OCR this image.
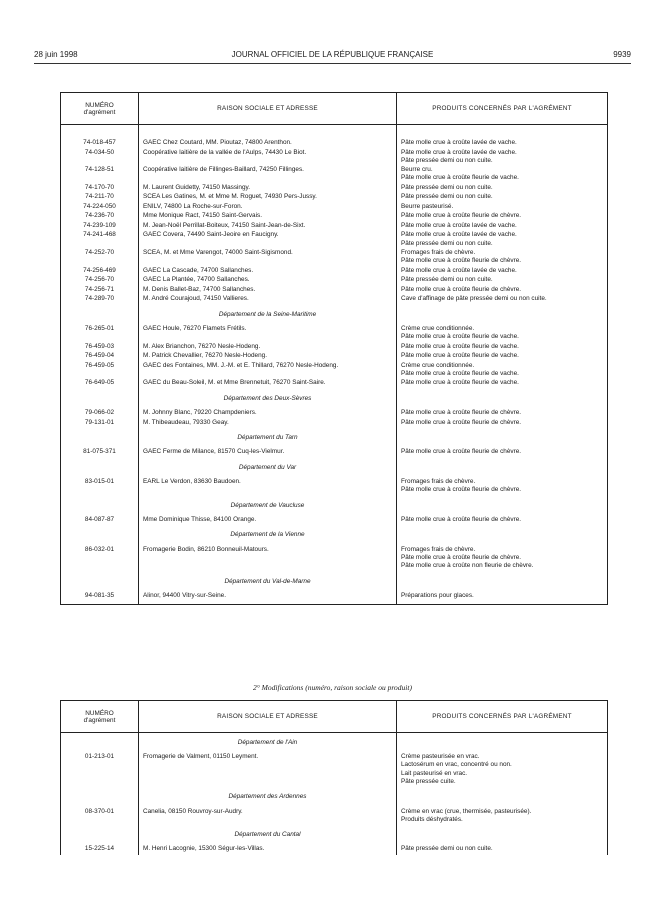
28 juin 1998	JOURNAL OFFICIEL DE LA RÉPUBLIQUE FRANÇAISE	9939
NUMÉRO
d'agrément	RAISON SOCIALE ET ADRESSE	PRODUITS CONCERNÉS PAR L'AGRÉMENT
74-018-457	GAEC Chez Coutard, MM. Pioutaz, 74800 Arenthon.	Pâte molle crue à croûte lavée de vache.

74-034-50	Coopérative laitière de la vallée de l'Aulps, 74430 Le Biot.	Pâte molle crue à croûte lavée de vache.
Pâte pressée demi ou non cuite.

74-128-51	Coopérative laitière de Fillinges-Baillard, 74250 Fillinges.	Beurre cru.
Pâte molle crue à croûte fleurie de vache.

74-170-70	M. Laurent Guidetty, 74150 Massingy.	Pâte pressée demi ou non cuite.

74-211-70	SCEA Les Gatines, M. et Mme M. Roguet, 74930 Pers-Jussy.	Pâte pressée demi ou non cuite.

74-224-050	ENILV, 74800 La Roche-sur-Foron.	Beurre pasteurisé.

74-236-70	Mme Monique Ract, 74150 Saint-Gervais.	Pâte molle crue à croûte fleurie de chèvre.

74-239-109	M. Jean-Noël Perrillat-Boiteux, 74150 Saint-Jean-de-Sixt.	Pâte molle crue à croûte lavée de vache.

74-241-468	GAEC Covera, 74490 Saint-Jeoire en Faucigny.	Pâte molle crue à croûte lavée de vache.
Pâte pressée demi ou non cuite.

74-252-70	SCEA, M. et Mme Varengot, 74000 Saint-Sigismond.	Fromages frais de chèvre.
Pâte molle crue à croûte fleurie de chèvre.

74-256-469	GAEC La Cascade, 74700 Sallanches.	Pâte molle crue à croûte lavée de vache.

74-256-70	GAEC La Plantée, 74700 Sallanches.	Pâte pressée demi ou non cuite.

74-256-71	M. Denis Ballet-Baz, 74700 Sallanches.	Pâte molle crue à croûte fleurie de chèvre.

74-289-70	M. André Courajoud, 74150 Vallieres.	Cave d'affinage de pâte pressée demi ou non cuite.

	Département de la Seine-Maritime	
76-265-01	GAEC Houle, 76270 Flamets Frétils.	Crème crue conditionnée.
Pâte molle crue à croûte fleurie de vache.

76-459-03	M. Alex Brianchon, 76270 Nesle-Hodeng.	Pâte molle crue à croûte fleurie de vache.

76-459-04	M. Patrick Chevallier, 76270 Nesle-Hodeng.	Pâte molle crue à croûte fleurie de vache.

76-459-05	GAEC des Fontaines, MM. J.-M. et E. Thillard, 76270 Nesle-Hodeng.	Crème crue conditionnée.
Pâte molle crue à croûte fleurie de vache.

76-649-05	GAEC du Beau-Soleil, M. et Mme Brennetuit, 76270 Saint-Saire.	Pâte molle crue à croûte fleurie de vache.

	Département des Deux-Sèvres	
79-066-02	M. Johnny Blanc, 79220 Champdeniers.	Pâte molle crue à croûte fleurie de chèvre.

79-131-01	M. Thibeaudeau, 79330 Geay.	Pâte molle crue à croûte fleurie de chèvre.

	Département du Tarn	
81-075-371	GAEC Ferme de Milance, 81570 Cuq-les-Vielmur.	Pâte molle crue à croûte fleurie de chèvre.

	Département du Var	
83-015-01	EARL Le Verdon, 83630 Baudoen.	Fromages frais de chèvre.
Pâte molle crue à croûte fleurie de chèvre.

	Département de Vaucluse	
84-087-87	Mme Dominique Thisse, 84100 Orange.	Pâte molle crue à croûte fleurie de chèvre.

	Département de la Vienne	
86-032-01	Fromagerie Bodin, 86210 Bonneuil-Matours.	Fromages frais de chèvre.
Pâte molle crue à croûte fleurie de chèvre.
Pâte molle crue à croûte non fleurie de chèvre.

	Département du Val-de-Marne	
94-081-35	Alinor, 94400 Vitry-sur-Seine.	Préparations pour glaces.
2° Modifications (numéro, raison sociale ou produit)
NUMÉRO
d'agrément	RAISON SOCIALE ET ADRESSE	PRODUITS CONCERNÉS PAR L'AGRÉMENT
	Département de l'Ain	
01-213-01	Fromagerie de Valment, 01150 Leyment.	Crème pasteurisée en vrac.
Lactosérum en vrac, concentré ou non.
Lait pasteurisé en vrac.
Pâte pressée cuite.

	Département des Ardennes	
08-370-01	Canelia, 08150 Rouvroy-sur-Audry.	Crème en vrac (crue, thermisée, pasteurisée).
Produits déshydratés.

	Département du Cantal	
15-225-14	M. Henri Lacognie, 15300 Ségur-les-Villas.	Pâte pressée demi ou non cuite.
